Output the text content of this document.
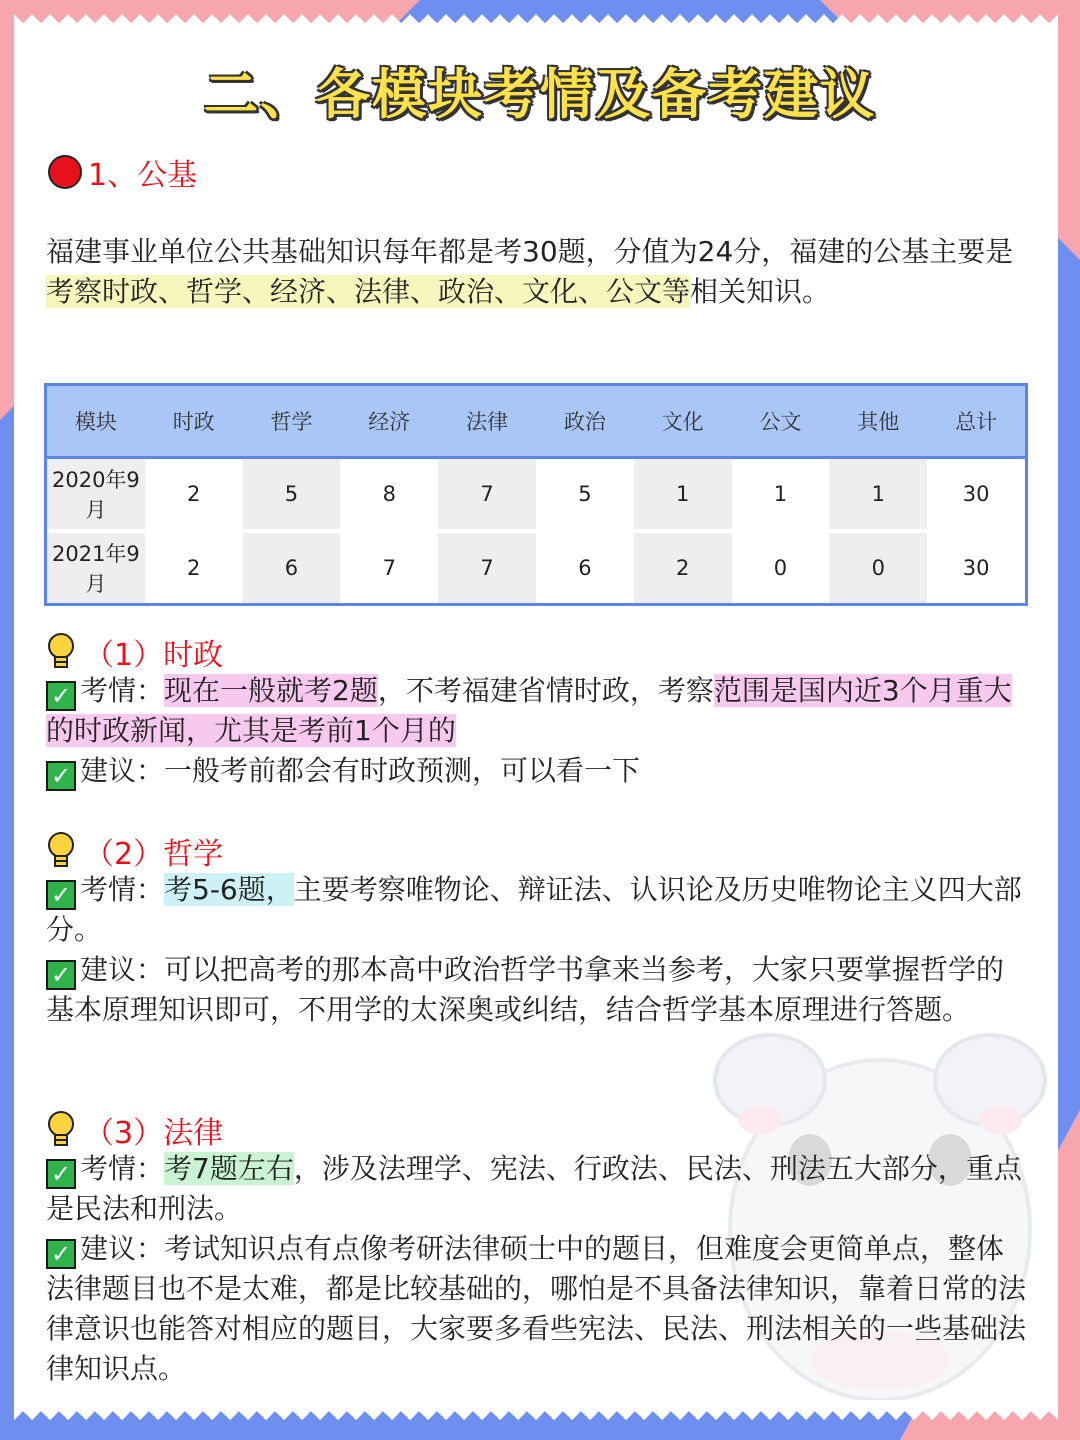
二、各模块考情及备考建议
1、公基
福建事业单位公共基础知识每年都是考30题，分值为24分，福建的公基主要是考察时政、哲学、经济、法律、政治、文化、公文等相关知识。
模块	时政	哲学	经济	法律	政治	文化	公文	其他	总计
2020年9月	2	5	8	7	5	1	1	1	30
2021年9月	2	6	7	7	6	2	0	0	30
（1）时政
✓ 考情：现在一般就考2题，不考福建省情时政，考察范围是国内近3个月重大的时政新闻，尤其是考前1个月的
✓ 建议：一般考前都会有时政预测，可以看一下
（2）哲学
✓ 考情：考5-6题，主要考察唯物论、辩证法、认识论及历史唯物论主义四大部分。
✓ 建议：可以把高考的那本高中政治哲学书拿来当参考，大家只要掌握哲学的基本原理知识即可，不用学的太深奥或纠结，结合哲学基本原理进行答题。
（3）法律
✓ 考情：考7题左右，涉及法理学、宪法、行政法、民法、刑法五大部分，重点是民法和刑法。
✓ 建议：考试知识点有点像考研法律硕士中的题目，但难度会更简单点，整体法律题目也不是太难，都是比较基础的，哪怕是不具备法律知识，靠着日常的法律意识也能答对相应的题目，大家要多看些宪法、民法、刑法相关的一些基础法律知识点。
